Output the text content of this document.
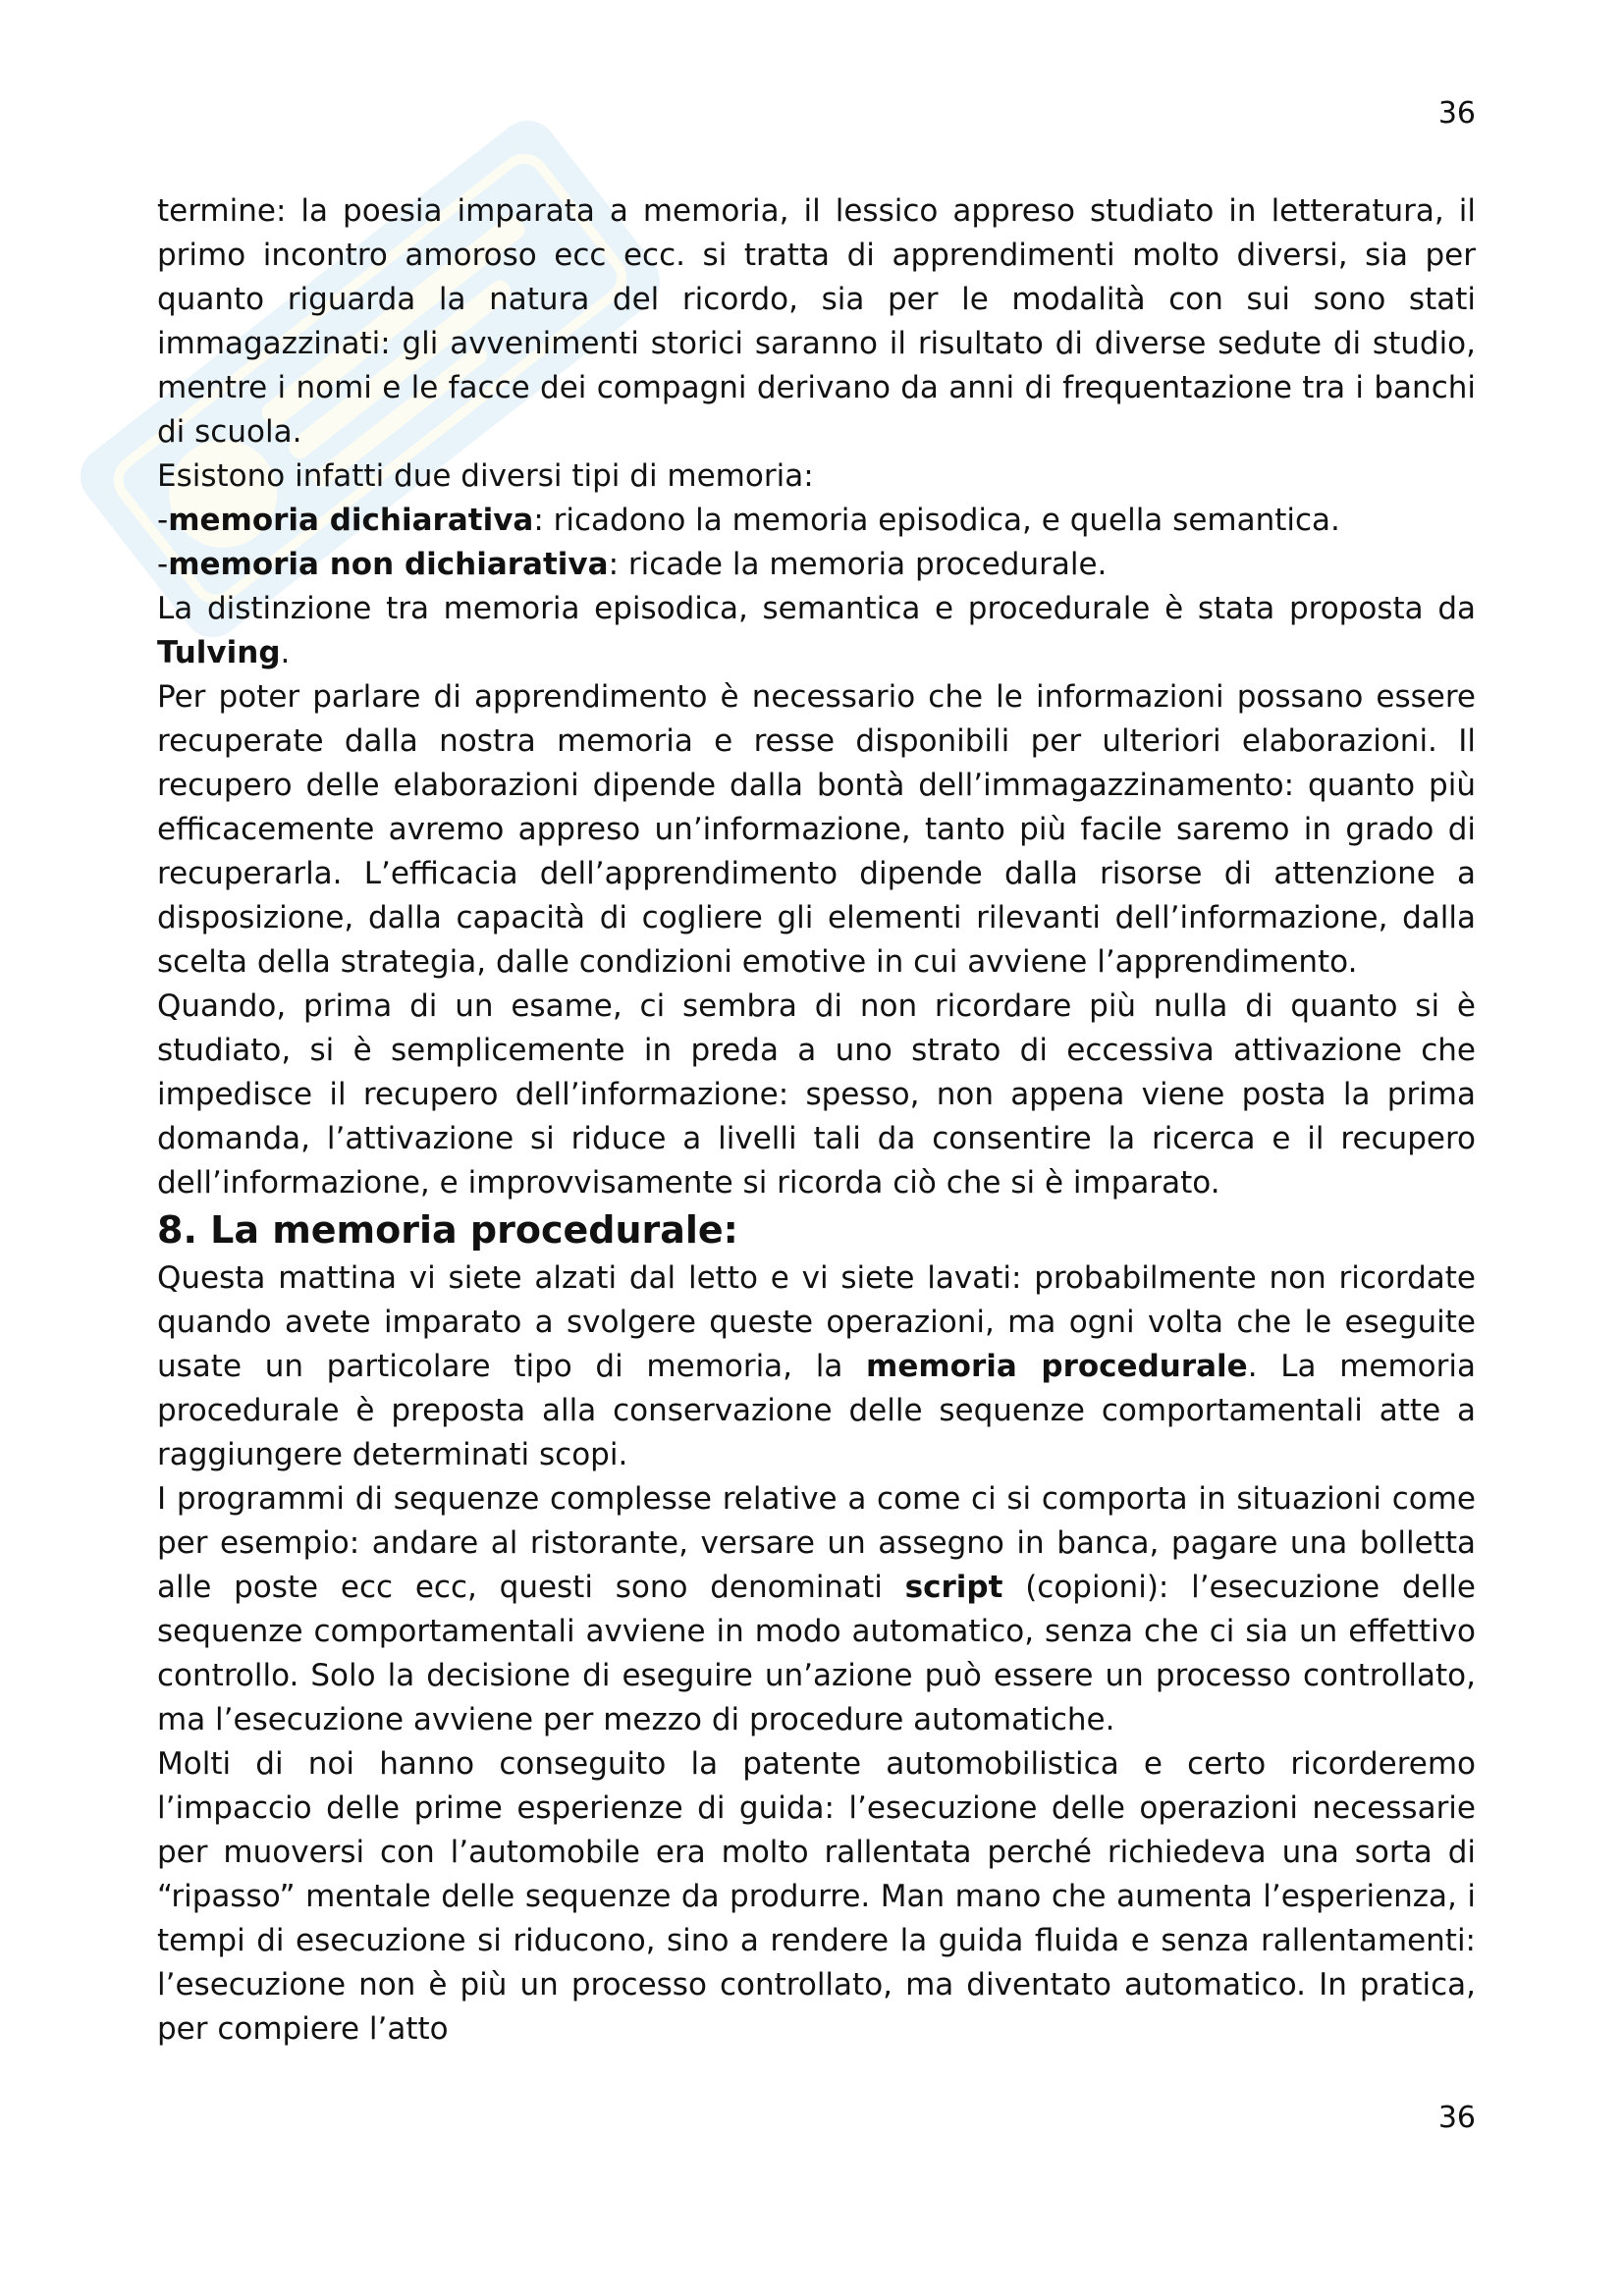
36

termine: la poesia imparata a memoria, il lessico appreso studiato in letteratura, il primo incontro amoroso ecc ecc. si tratta di apprendimenti molto diversi, sia per quanto riguarda la natura del ricordo, sia per le modalità con sui sono stati immagazzinati: gli avvenimenti storici saranno il risultato di diverse sedute di studio, mentre i nomi e le facce dei compagni derivano da anni di frequentazione tra i banchi di scuola.

Esistono infatti due diversi tipi di memoria:

-memoria dichiarativa: ricadono la memoria episodica, e quella semantica.

-memoria non dichiarativa: ricade la memoria procedurale.

La distinzione tra memoria episodica, semantica e procedurale è stata proposta da Tulving.

Per poter parlare di apprendimento è necessario che le informazioni possano essere recuperate dalla nostra memoria e resse disponibili per ulteriori elaborazioni. Il recupero delle elaborazioni dipende dalla bontà dell’immagazzinamento: quanto più efficacemente avremo appreso un’informazione, tanto più facile saremo in grado di recuperarla. L’efficacia dell’apprendimento dipende dalla risorse di attenzione a disposizione, dalla capacità di cogliere gli elementi rilevanti dell’informazione, dalla scelta della strategia, dalle condizioni emotive in cui avviene l’apprendimento.

Quando, prima di un esame, ci sembra di non ricordare più nulla di quanto si è studiato, si è semplicemente in preda a uno strato di eccessiva attivazione che impedisce il recupero dell’informazione: spesso, non appena viene posta la prima domanda, l’attivazione si riduce a livelli tali da consentire la ricerca e il recupero dell’informazione, e improvvisamente si ricorda ciò che si è imparato.

8. La memoria procedurale:

Questa mattina vi siete alzati dal letto e vi siete lavati: probabilmente non ricordate quando avete imparato a svolgere queste operazioni, ma ogni volta che le eseguite usate un particolare tipo di memoria, la memoria procedurale. La memoria procedurale è preposta alla conservazione delle sequenze comportamentali atte a raggiungere determinati scopi.

I programmi di sequenze complesse relative a come ci si comporta in situazioni come per esempio: andare al ristorante, versare un assegno in banca, pagare una bolletta alle poste ecc ecc, questi sono denominati script (copioni): l’esecuzione delle sequenze comportamentali avviene in modo automatico, senza che ci sia un effettivo controllo. Solo la decisione di eseguire un’azione può essere un processo controllato, ma l’esecuzione avviene per mezzo di procedure automatiche.

Molti di noi hanno conseguito la patente automobilistica e certo ricorderemo l’impaccio delle prime esperienze di guida: l’esecuzione delle operazioni necessarie per muoversi con l’automobile era molto rallentata perché richiedeva una sorta di “ripasso” mentale delle sequenze da produrre. Man mano che aumenta l’esperienza, i tempi di esecuzione si riducono, sino a rendere la guida fluida e senza rallentamenti: l’esecuzione non è più un processo controllato, ma diventato automatico. In pratica, per compiere l’atto

36
